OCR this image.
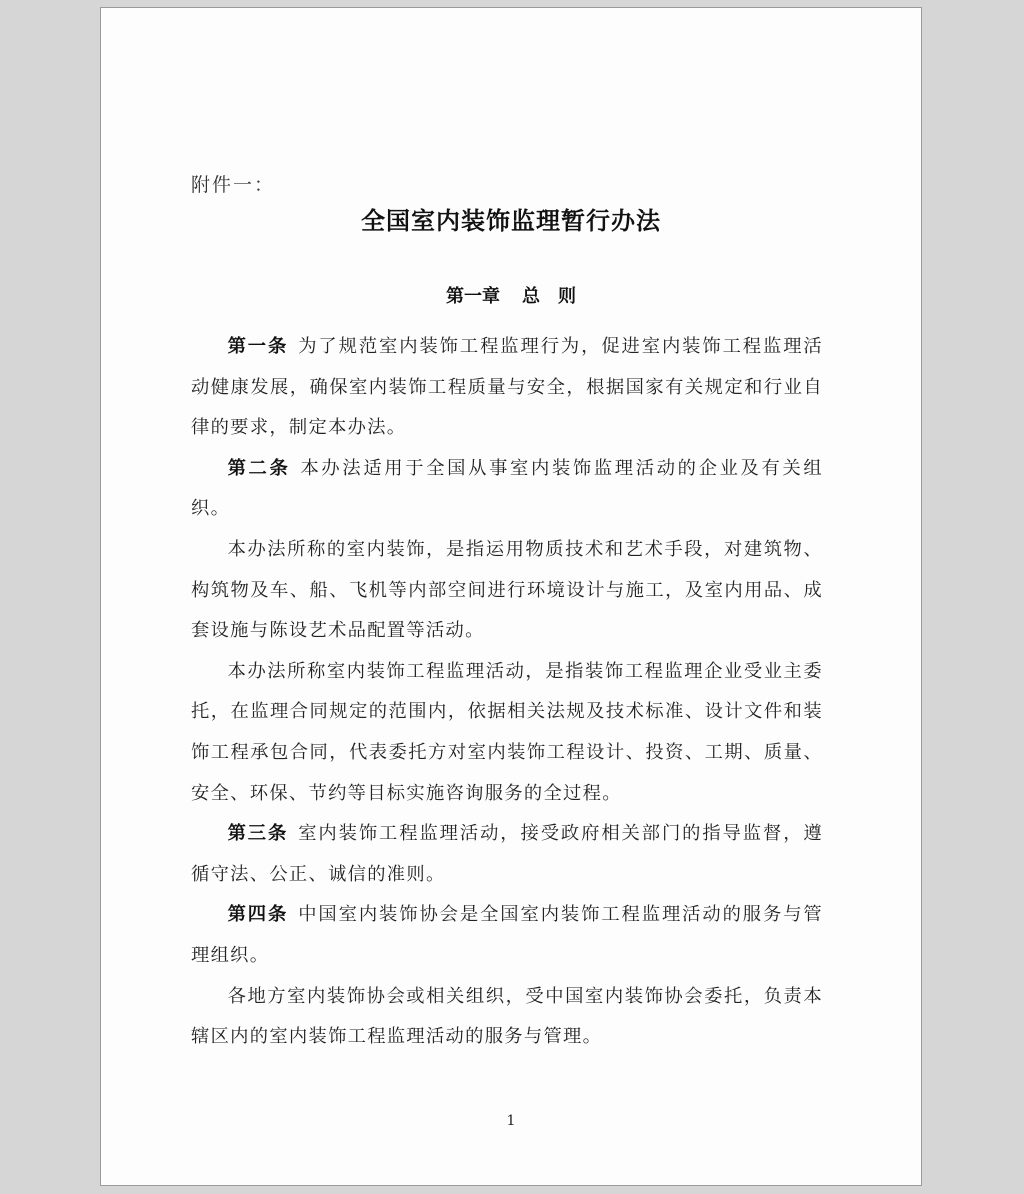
附件一：
全国室内装饰监理暂行办法
第一章 总　则

第一条 为了规范室内装饰工程监理行为，促进室内装饰工程监理活动健康发展，确保室内装饰工程质量与安全，根据国家有关规定和行业自律的要求，制定本办法。

第二条 本办法适用于全国从事室内装饰监理活动的企业及有关组织。

本办法所称的室内装饰，是指运用物质技术和艺术手段，对建筑物、构筑物及车、船、飞机等内部空间进行环境设计与施工，及室内用品、成套设施与陈设艺术品配置等活动。

本办法所称室内装饰工程监理活动，是指装饰工程监理企业受业主委托，在监理合同规定的范围内，依据相关法规及技术标准、设计文件和装饰工程承包合同，代表委托方对室内装饰工程设计、投资、工期、质量、安全、环保、节约等目标实施咨询服务的全过程。

第三条 室内装饰工程监理活动，接受政府相关部门的指导监督，遵循守法、公正、诚信的准则。

第四条 中国室内装饰协会是全国室内装饰工程监理活动的服务与管理组织。

各地方室内装饰协会或相关组织，受中国室内装饰协会委托，负责本辖区内的室内装饰工程监理活动的服务与管理。

1
